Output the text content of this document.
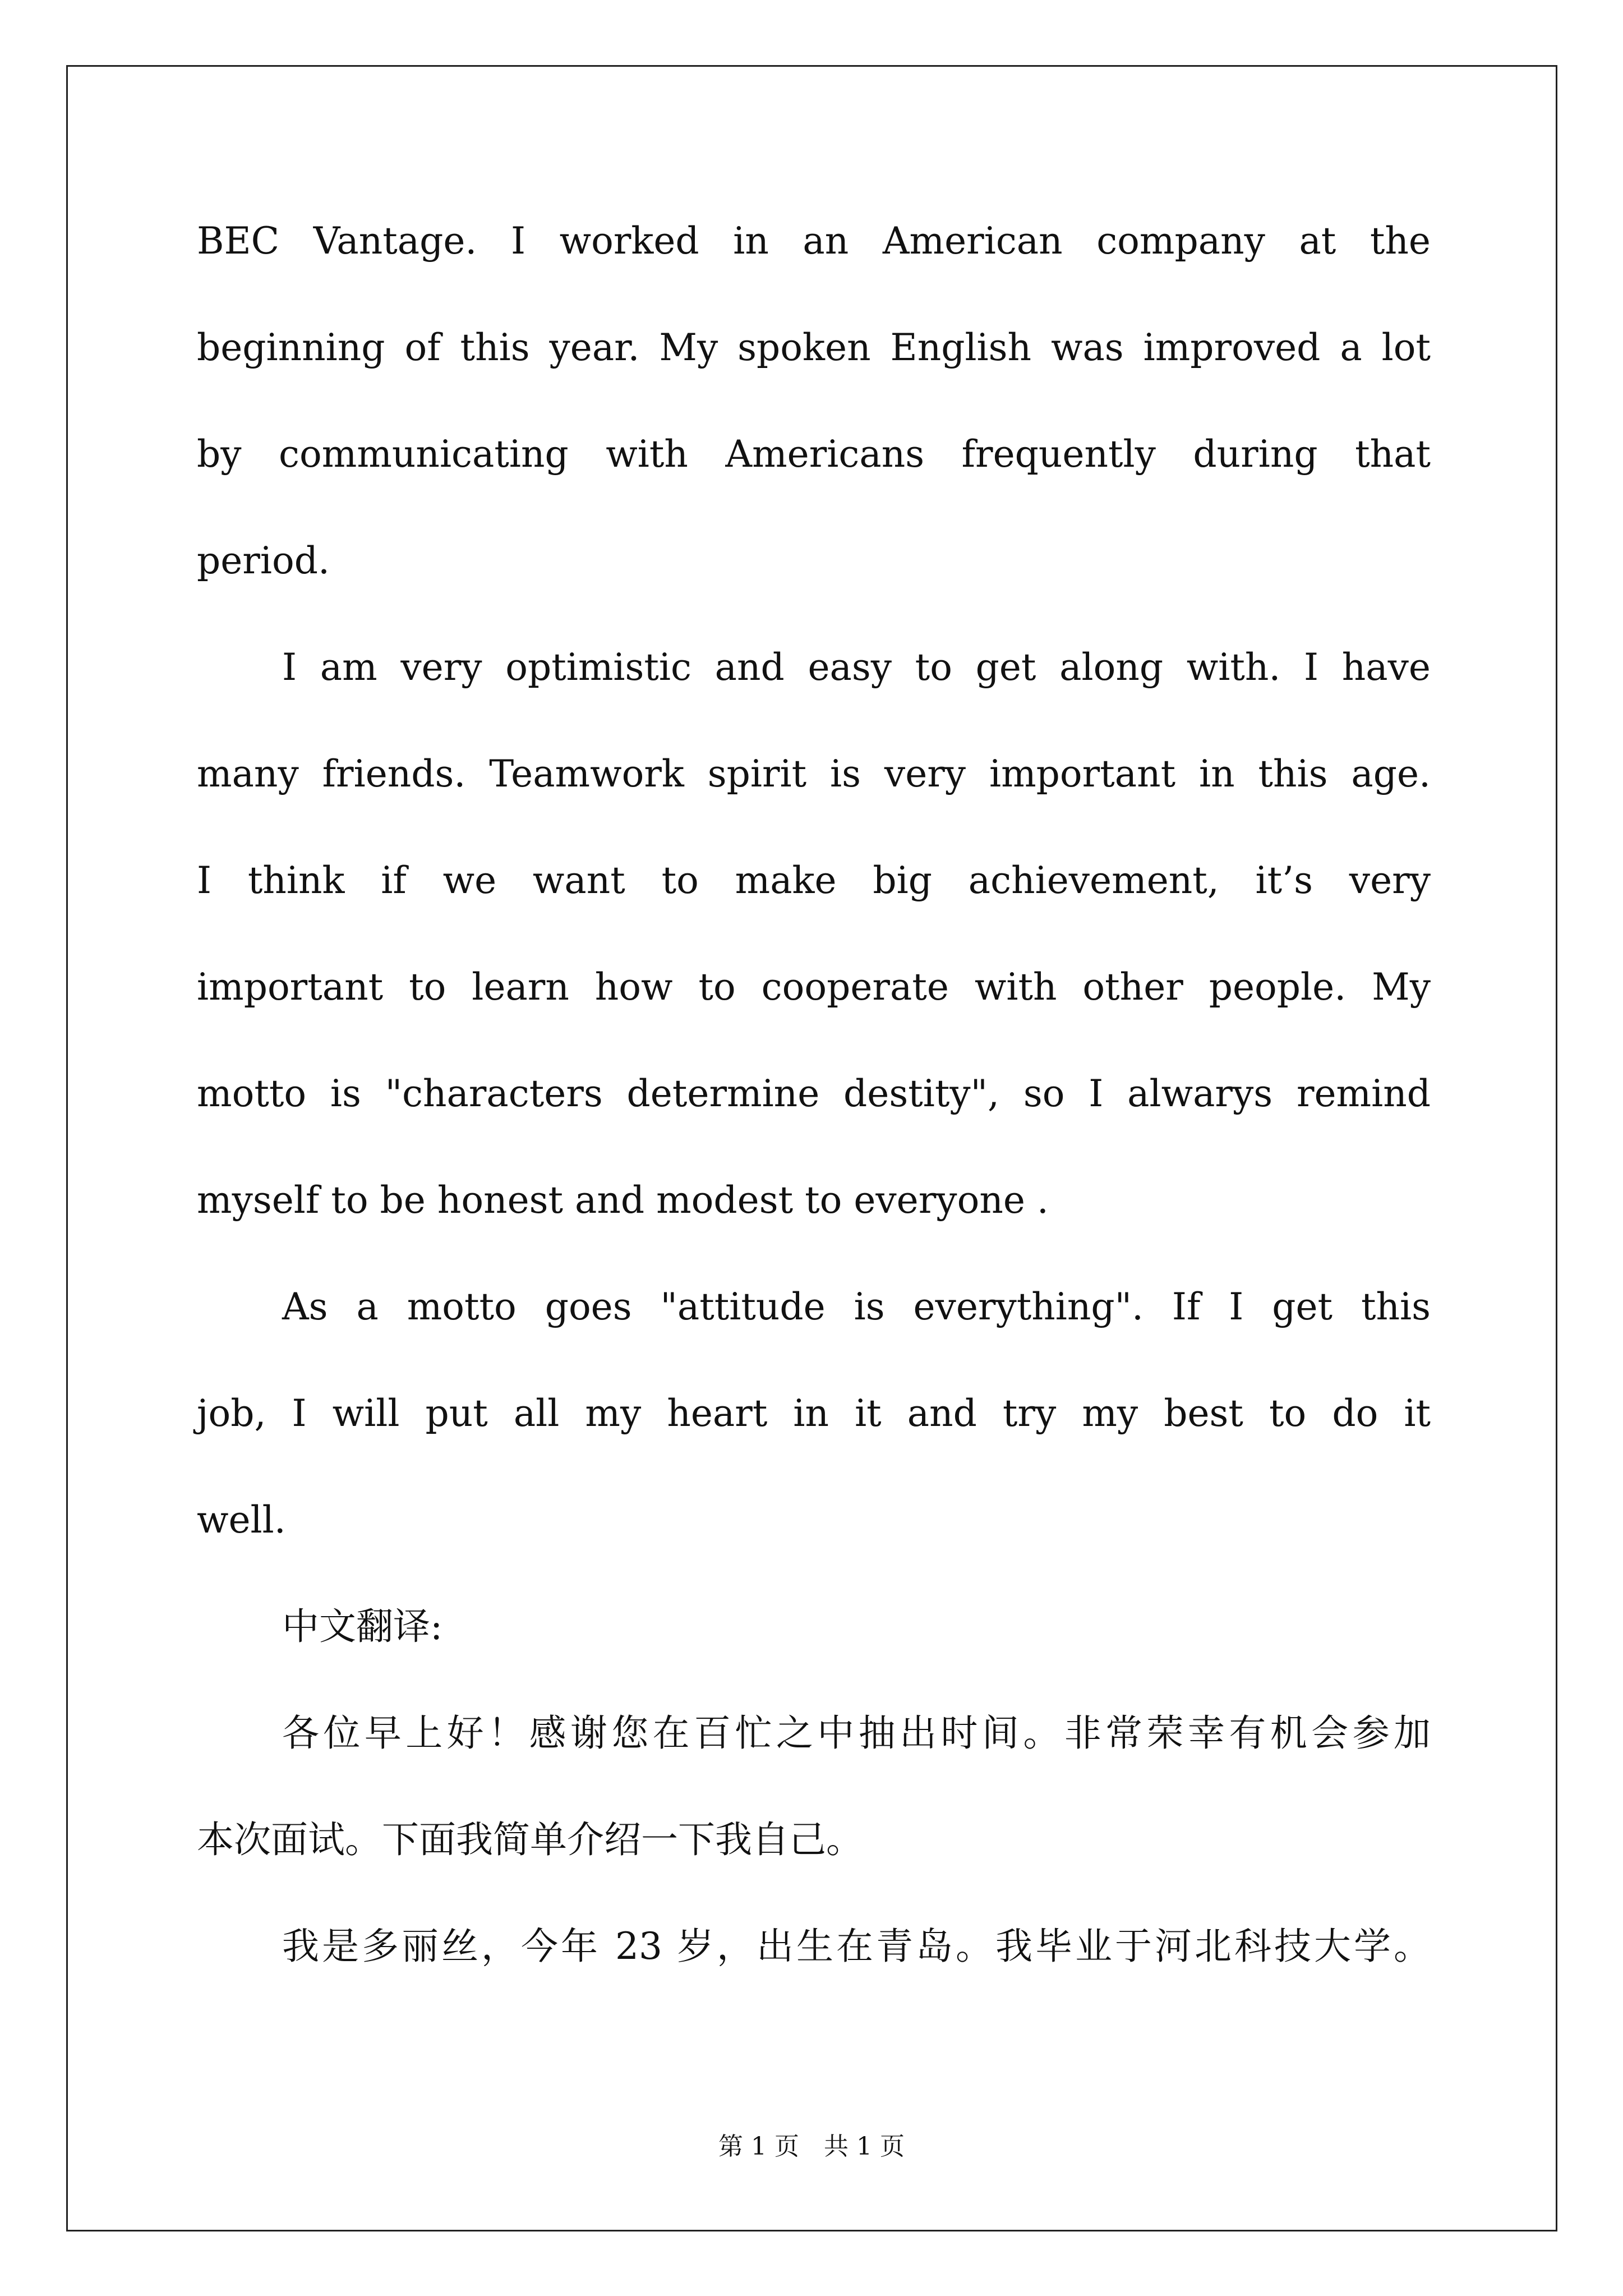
BEC Vantage. I worked in an American company at the
beginning of this year. My spoken English was improved a lot
by communicating with Americans frequently during that
period.
I am very optimistic and easy to get along with. I have
many friends. Teamwork spirit is very important in this age.
I think if we want to make big achievement, it’s very
important to learn how to cooperate with other people. My
motto is "characters determine destity", so I alwarys remind
myself to be honest and modest to everyone .
As a motto goes "attitude is everything". If I get this
job, I will put all my heart in it and try my best to do it
well.
中文翻译:
各位早上好！感谢您在百忙之中抽出时间。非常荣幸有机会参加
本次面试。下面我简单介绍一下我自己。
我是多丽丝，今年 23 岁，出生在青岛。我毕业于河北科技大学。
第 1 页　共 1 页
